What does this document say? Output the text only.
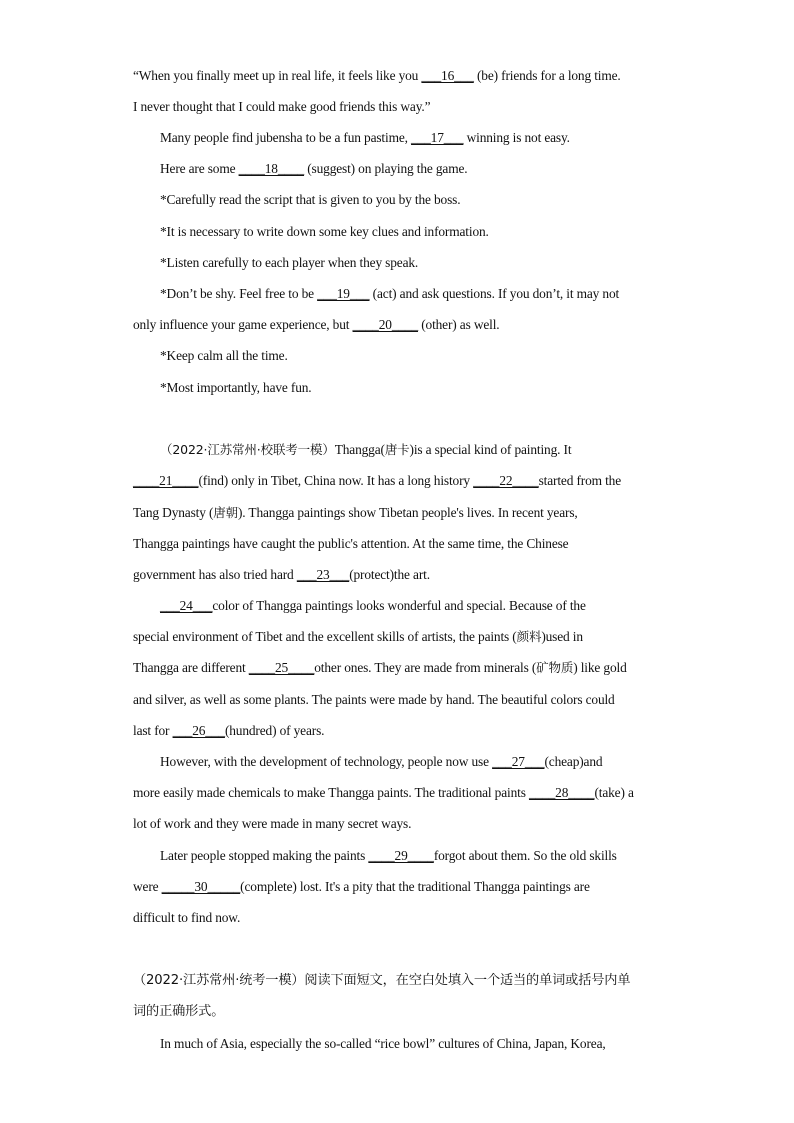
“When you finally meet up in real life, it feels like you ___16___ (be) friends for a long time.
I never thought that I could make good friends this way.”
Many people find jubensha to be a fun pastime, ___17___ winning is not easy.
Here are some ____18____ (suggest) on playing the game.
*Carefully read the script that is given to you by the boss.
*It is necessary to write down some key clues and information.
*Listen carefully to each player when they speak.
*Don’t be shy. Feel free to be ___19___ (act) and ask questions. If you don’t, it may not
only influence your game experience, but ____20____ (other) as well.
*Keep calm all the time.
*Most importantly, have fun.
（2022·江苏常州·校联考一模）Thangga(唐卡)is a special kind of painting. It
____21____(find) only in Tibet, China now. It has a long history ____22____started from the
Tang Dynasty (唐朝). Thangga paintings show Tibetan people's lives. In recent years,
Thangga paintings have caught the public's attention. At the same time, the Chinese
government has also tried hard ___23___(protect)the art.
___24___color of Thangga paintings looks wonderful and special. Because of the
special environment of Tibet and the excellent skills of artists, the paints (颜料)used in
Thangga are different ____25____other ones. They are made from minerals (矿物质) like gold
and silver, as well as some plants. The paints were made by hand. The beautiful colors could
last for ___26___(hundred) of years.
However, with the development of technology, people now use ___27___(cheap)and
more easily made chemicals to make Thangga paints. The traditional paints ____28____(take) a
lot of work and they were made in many secret ways.
Later people stopped making the paints ____29____forgot about them. So the old skills
were _____30_____(complete) lost. It's a pity that the traditional Thangga paintings are
difficult to find now.
（2022·江苏常州·统考一模）阅读下面短文，在空白处填入一个适当的单词或括号内单
词的正确形式。
In much of Asia, especially the so-called “rice bowl” cultures of China, Japan, Korea,
